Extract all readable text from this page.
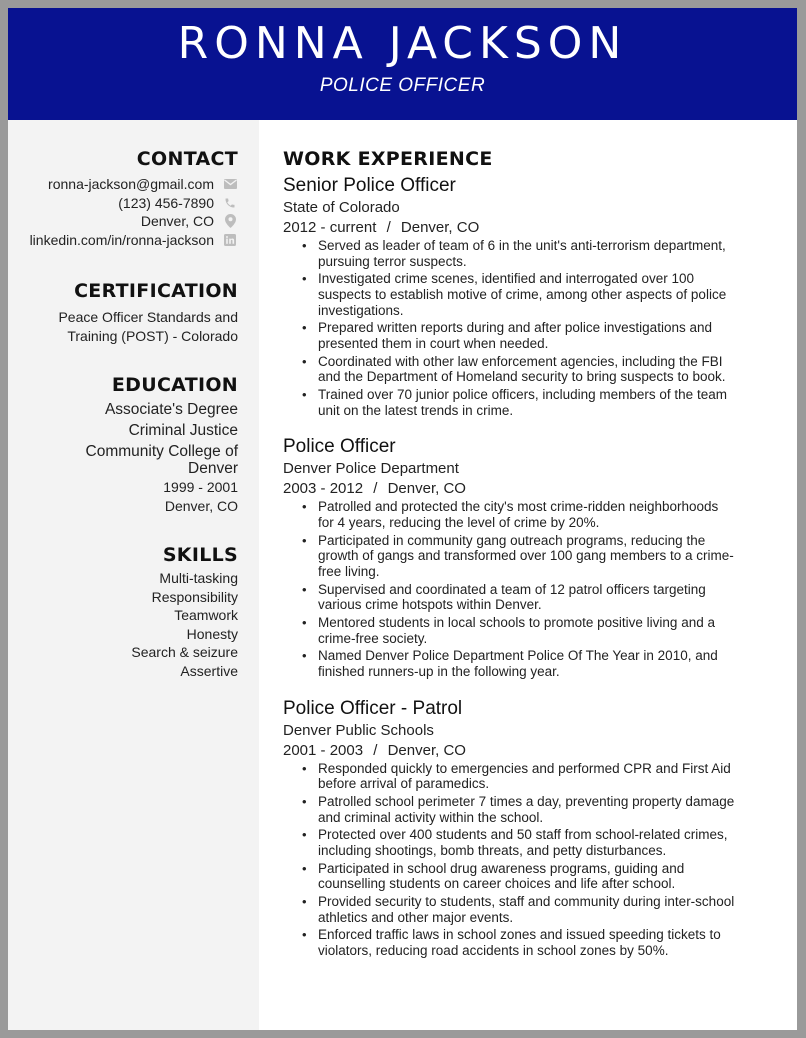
RONNA JACKSON
POLICE OFFICER
CONTACT
ronna-jackson@gmail.com
(123) 456-7890
Denver, CO
linkedin.com/in/ronna-jackson
CERTIFICATION
Peace Officer Standards and
Training (POST) - Colorado
EDUCATION
Associate's Degree
Criminal Justice
Community College of
Denver
1999 - 2001
Denver, CO
SKILLS
Multi-tasking
Responsibility
Teamwork
Honesty
Search & seizure
Assertive
WORK EXPERIENCE
Senior Police Officer
State of Colorado
2012 - current / Denver, CO
• Served as leader of team of 6 in the unit's anti-terrorism department,
pursuing terror suspects.
• Investigated crime scenes, identified and interrogated over 100
suspects to establish motive of crime, among other aspects of police
investigations.
• Prepared written reports during and after police investigations and
presented them in court when needed.
• Coordinated with other law enforcement agencies, including the FBI
and the Department of Homeland security to bring suspects to book.
• Trained over 70 junior police officers, including members of the team
unit on the latest trends in crime.
Police Officer
Denver Police Department
2003 - 2012 / Denver, CO
• Patrolled and protected the city's most crime-ridden neighborhoods
for 4 years, reducing the level of crime by 20%.
• Participated in community gang outreach programs, reducing the
growth of gangs and transformed over 100 gang members to a crime-
free living.
• Supervised and coordinated a team of 12 patrol officers targeting
various crime hotspots within Denver.
• Mentored students in local schools to promote positive living and a
crime-free society.
• Named Denver Police Department Police Of The Year in 2010, and
finished runners-up in the following year.
Police Officer - Patrol
Denver Public Schools
2001 - 2003 / Denver, CO
• Responded quickly to emergencies and performed CPR and First Aid
before arrival of paramedics.
• Patrolled school perimeter 7 times a day, preventing property damage
and criminal activity within the school.
• Protected over 400 students and 50 staff from school-related crimes,
including shootings, bomb threats, and petty disturbances.
• Participated in school drug awareness programs, guiding and
counselling students on career choices and life after school.
• Provided security to students, staff and community during inter-school
athletics and other major events.
• Enforced traffic laws in school zones and issued speeding tickets to
violators, reducing road accidents in school zones by 50%.
